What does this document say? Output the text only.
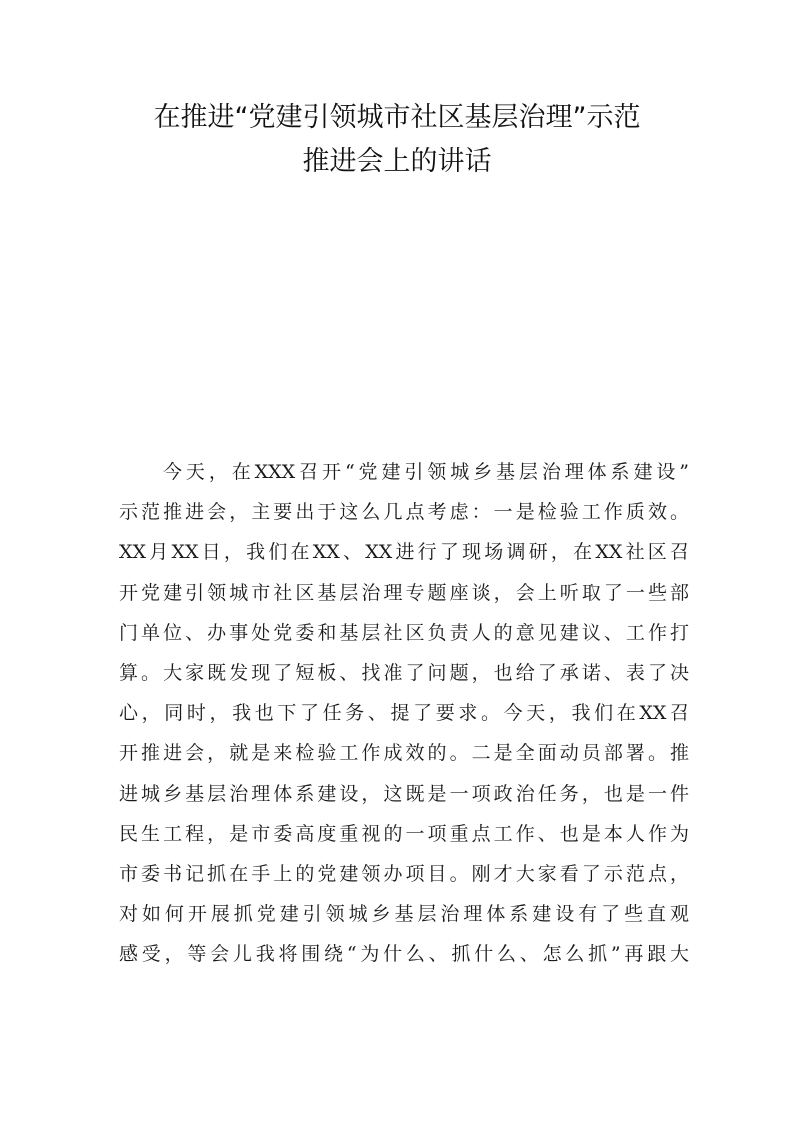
在推进“党建引领城市社区基层治理”示范
推进会上的讲话
今天，在XXX召开“党建引领城乡基层治理体系建设”
示范推进会，主要出于这么几点考虑：一是检验工作质效。
XX月XX日，我们在XX、XX进行了现场调研，在XX社区召
开党建引领城市社区基层治理专题座谈，会上听取了一些部
门单位、办事处党委和基层社区负责人的意见建议、工作打
算。大家既发现了短板、找准了问题，也给了承诺、表了决
心，同时，我也下了任务、提了要求。今天，我们在XX召
开推进会，就是来检验工作成效的。二是全面动员部署。推
进城乡基层治理体系建设，这既是一项政治任务，也是一件
民生工程，是市委高度重视的一项重点工作、也是本人作为
市委书记抓在手上的党建领办项目。刚才大家看了示范点，
对如何开展抓党建引领城乡基层治理体系建设有了些直观
感受，等会儿我将围绕“为什么、抓什么、怎么抓”再跟大
